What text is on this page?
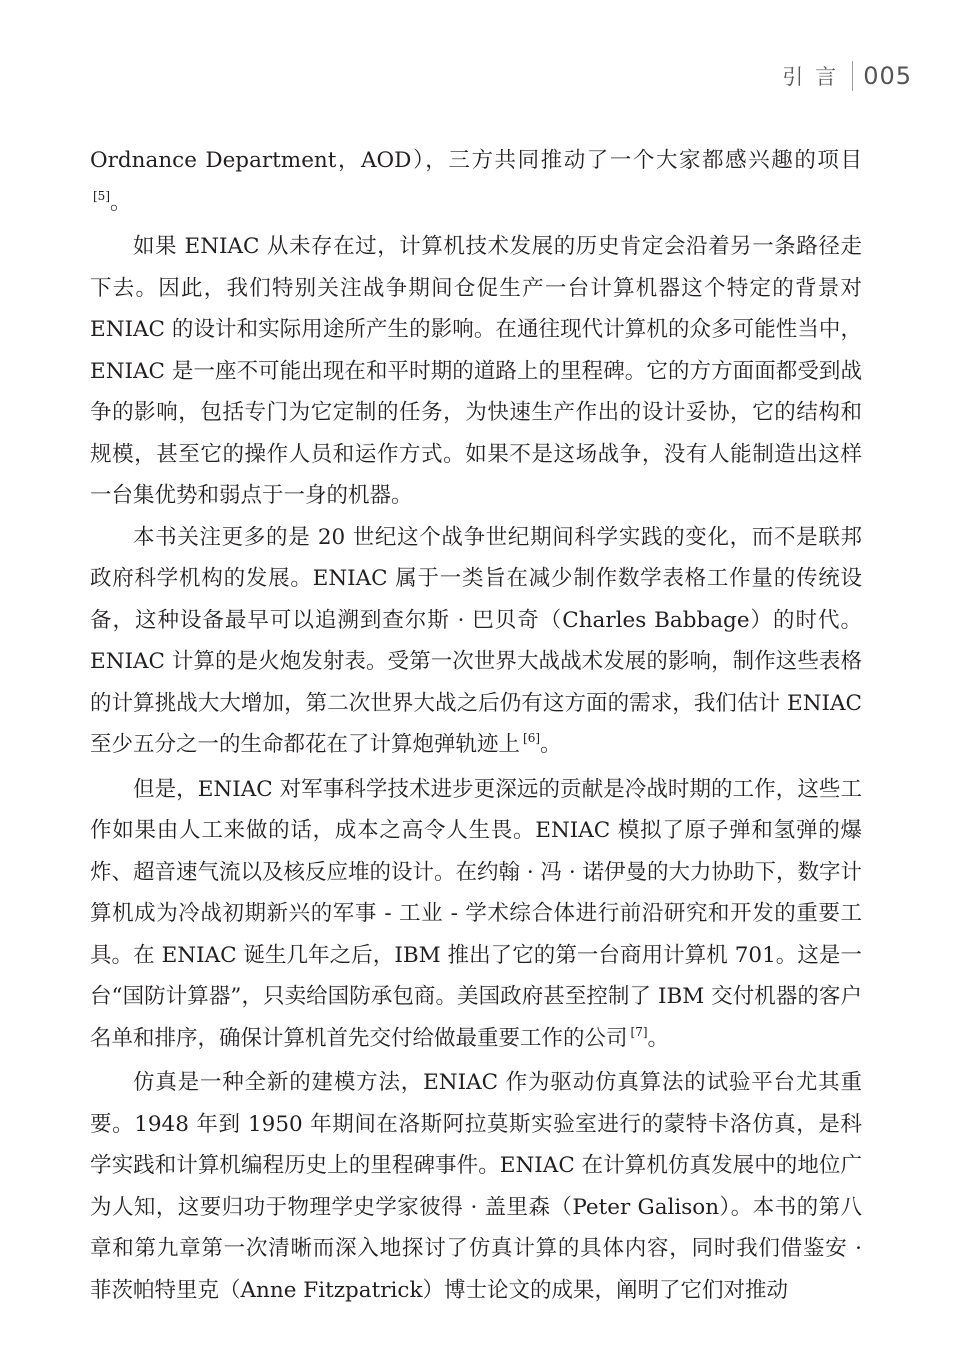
引言 005

Ordnance Department，AOD），三方共同推动了一个大家都感兴趣的项目[5]。

如果 ENIAC 从未存在过，计算机技术发展的历史肯定会沿着另一条路径走下去。因此，我们特别关注战争期间仓促生产一台计算机器这个特定的背景对 ENIAC 的设计和实际用途所产生的影响。在通往现代计算机的众多可能性当中，ENIAC 是一座不可能出现在和平时期的道路上的里程碑。它的方方面面都受到战争的影响，包括专门为它定制的任务，为快速生产作出的设计妥协，它的结构和规模，甚至它的操作人员和运作方式。如果不是这场战争，没有人能制造出这样一台集优势和弱点于一身的机器。

本书关注更多的是 20 世纪这个战争世纪期间科学实践的变化，而不是联邦政府科学机构的发展。ENIAC 属于一类旨在减少制作数学表格工作量的传统设备，这种设备最早可以追溯到查尔斯 · 巴贝奇（Charles Babbage）的时代。ENIAC 计算的是火炮发射表。受第一次世界大战战术发展的影响，制作这些表格的计算挑战大大增加，第二次世界大战之后仍有这方面的需求，我们估计 ENIAC 至少五分之一的生命都花在了计算炮弹轨迹上 [6]。

但是，ENIAC 对军事科学技术进步更深远的贡献是冷战时期的工作，这些工作如果由人工来做的话，成本之高令人生畏。ENIAC 模拟了原子弹和氢弹的爆炸、超音速气流以及核反应堆的设计。在约翰 · 冯 · 诺伊曼的大力协助下，数字计算机成为冷战初期新兴的军事 - 工业 - 学术综合体进行前沿研究和开发的重要工具。在 ENIAC 诞生几年之后，IBM 推出了它的第一台商用计算机 701。这是一台“国防计算器”，只卖给国防承包商。美国政府甚至控制了 IBM 交付机器的客户名单和排序，确保计算机首先交付给做最重要工作的公司 [7]。

仿真是一种全新的建模方法，ENIAC 作为驱动仿真算法的试验平台尤其重要。1948 年到 1950 年期间在洛斯阿拉莫斯实验室进行的蒙特卡洛仿真，是科学实践和计算机编程历史上的里程碑事件。ENIAC 在计算机仿真发展中的地位广为人知，这要归功于物理学史学家彼得 · 盖里森（Peter Galison）。本书的第八章和第九章第一次清晰而深入地探讨了仿真计算的具体内容，同时我们借鉴安 · 菲茨帕特里克（Anne Fitzpatrick）博士论文的成果，阐明了它们对推动
